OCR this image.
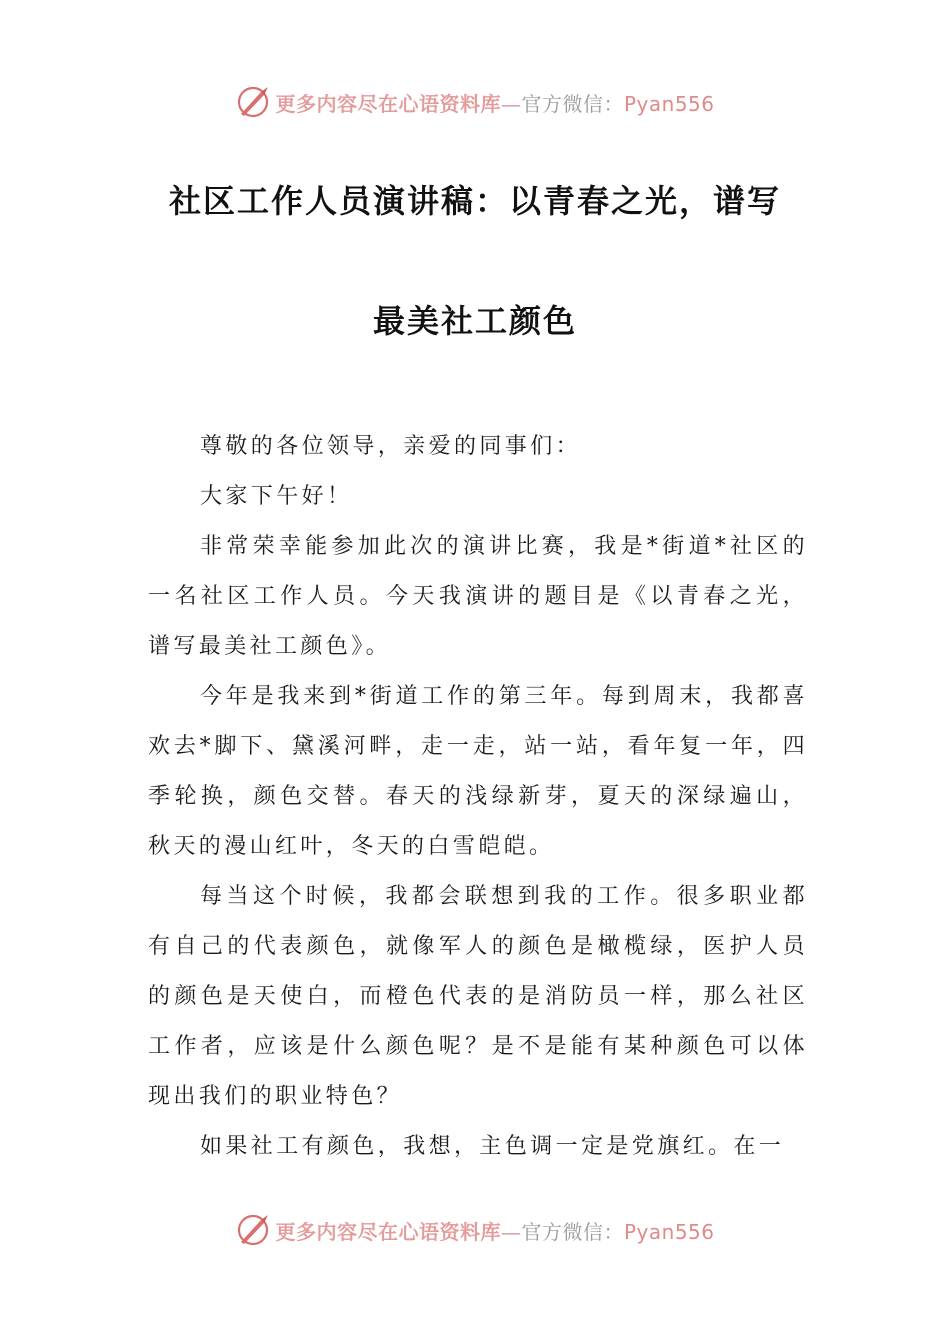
更多内容尽在心语资料库—官方微信：Pyan556
社区工作人员演讲稿：以青春之光，谱写
最美社工颜色

尊敬的各位领导，亲爱的同事们：

大家下午好！

非常荣幸能参加此次的演讲比赛，我是*街道*社区的一名社区工作人员。今天我演讲的题目是《以青春之光，谱写最美社工颜色》。

今年是我来到*街道工作的第三年。每到周末，我都喜欢去*脚下、黛溪河畔，走一走，站一站，看年复一年，四季轮换，颜色交替。春天的浅绿新芽，夏天的深绿遍山，秋天的漫山红叶，冬天的白雪皑皑。

每当这个时候，我都会联想到我的工作。很多职业都有自己的代表颜色，就像军人的颜色是橄榄绿，医护人员的颜色是天使白，而橙色代表的是消防员一样，那么社区工作者，应该是什么颜色呢？是不是能有某种颜色可以体现出我们的职业特色？

如果社工有颜色，我想，主色调一定是党旗红。在一

更多内容尽在心语资料库—官方微信：Pyan556
